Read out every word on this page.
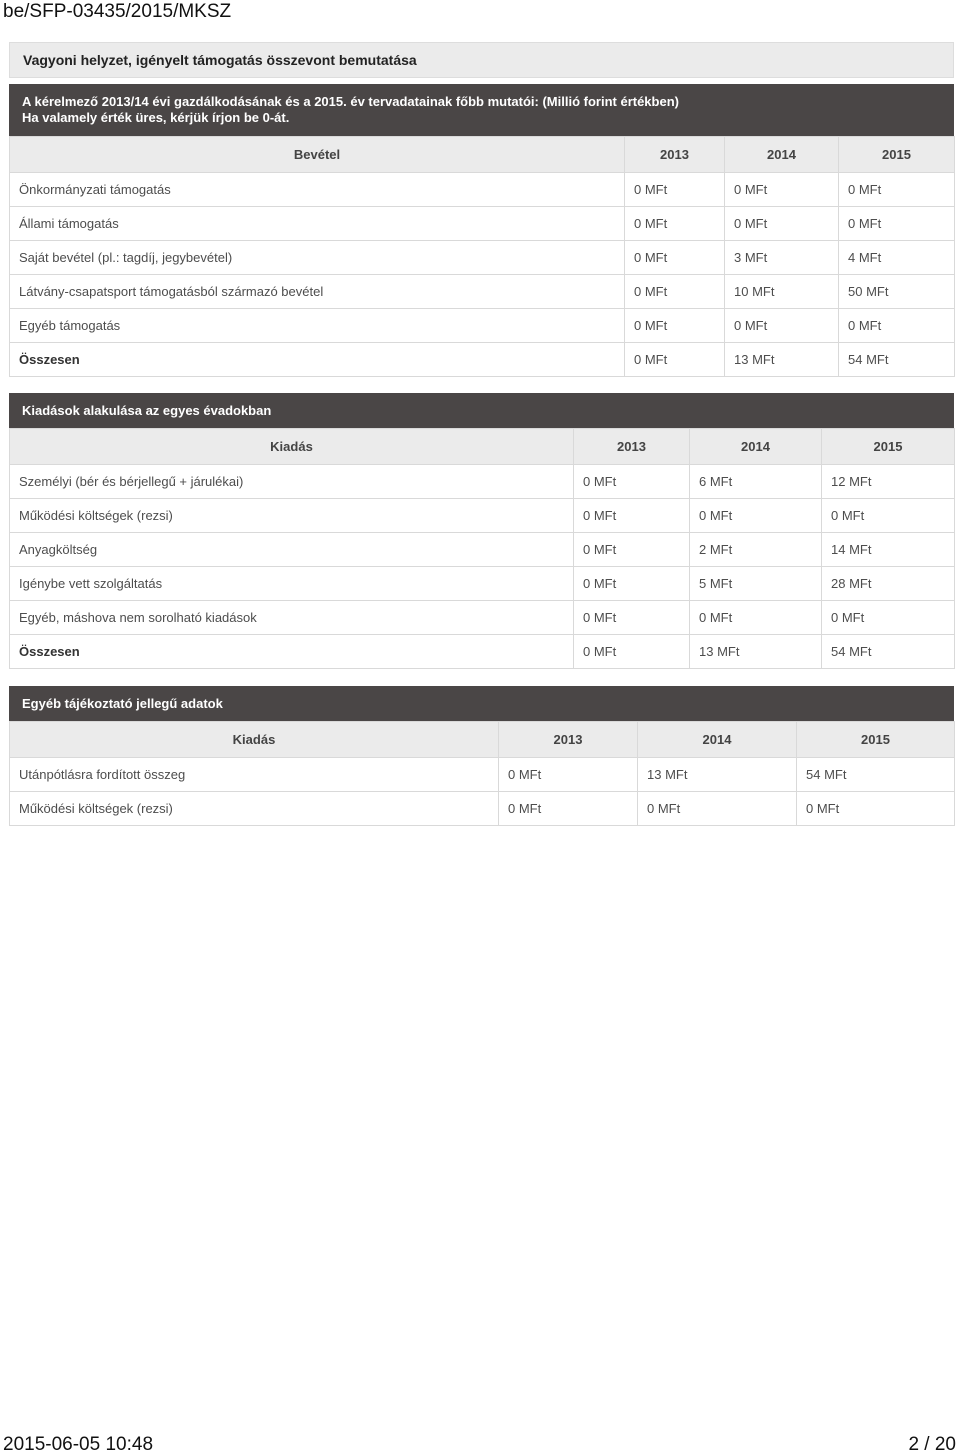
be/SFP-03435/2015/MKSZ
Vagyoni helyzet, igényelt támogatás összevont bemutatása
A kérelmező 2013/14 évi gazdálkodásának és a 2015. év tervadatainak főbb mutatói: (Millió forint értékben)
Ha valamely érték üres, kérjük írjon be 0-át.
Bevétel	2013	2014	2015
Önkormányzati támogatás	0 MFt	0 MFt	0 MFt
Állami támogatás	0 MFt	0 MFt	0 MFt
Saját bevétel (pl.: tagdíj, jegybevétel)	0 MFt	3 MFt	4 MFt
Látvány-csapatsport támogatásból származó bevétel	0 MFt	10 MFt	50 MFt
Egyéb támogatás	0 MFt	0 MFt	0 MFt
Összesen	0 MFt	13 MFt	54 MFt
Kiadások alakulása az egyes évadokban
Kiadás	2013	2014	2015
Személyi (bér és bérjellegű + járulékai)	0 MFt	6 MFt	12 MFt
Működési költségek (rezsi)	0 MFt	0 MFt	0 MFt
Anyagköltség	0 MFt	2 MFt	14 MFt
Igénybe vett szolgáltatás	0 MFt	5 MFt	28 MFt
Egyéb, máshova nem sorolható kiadások	0 MFt	0 MFt	0 MFt
Összesen	0 MFt	13 MFt	54 MFt
Egyéb tájékoztató jellegű adatok
Kiadás	2013	2014	2015
Utánpótlásra fordított összeg	0 MFt	13 MFt	54 MFt
Működési költségek (rezsi)	0 MFt	0 MFt	0 MFt
2015-06-05 10:48	2 / 20
